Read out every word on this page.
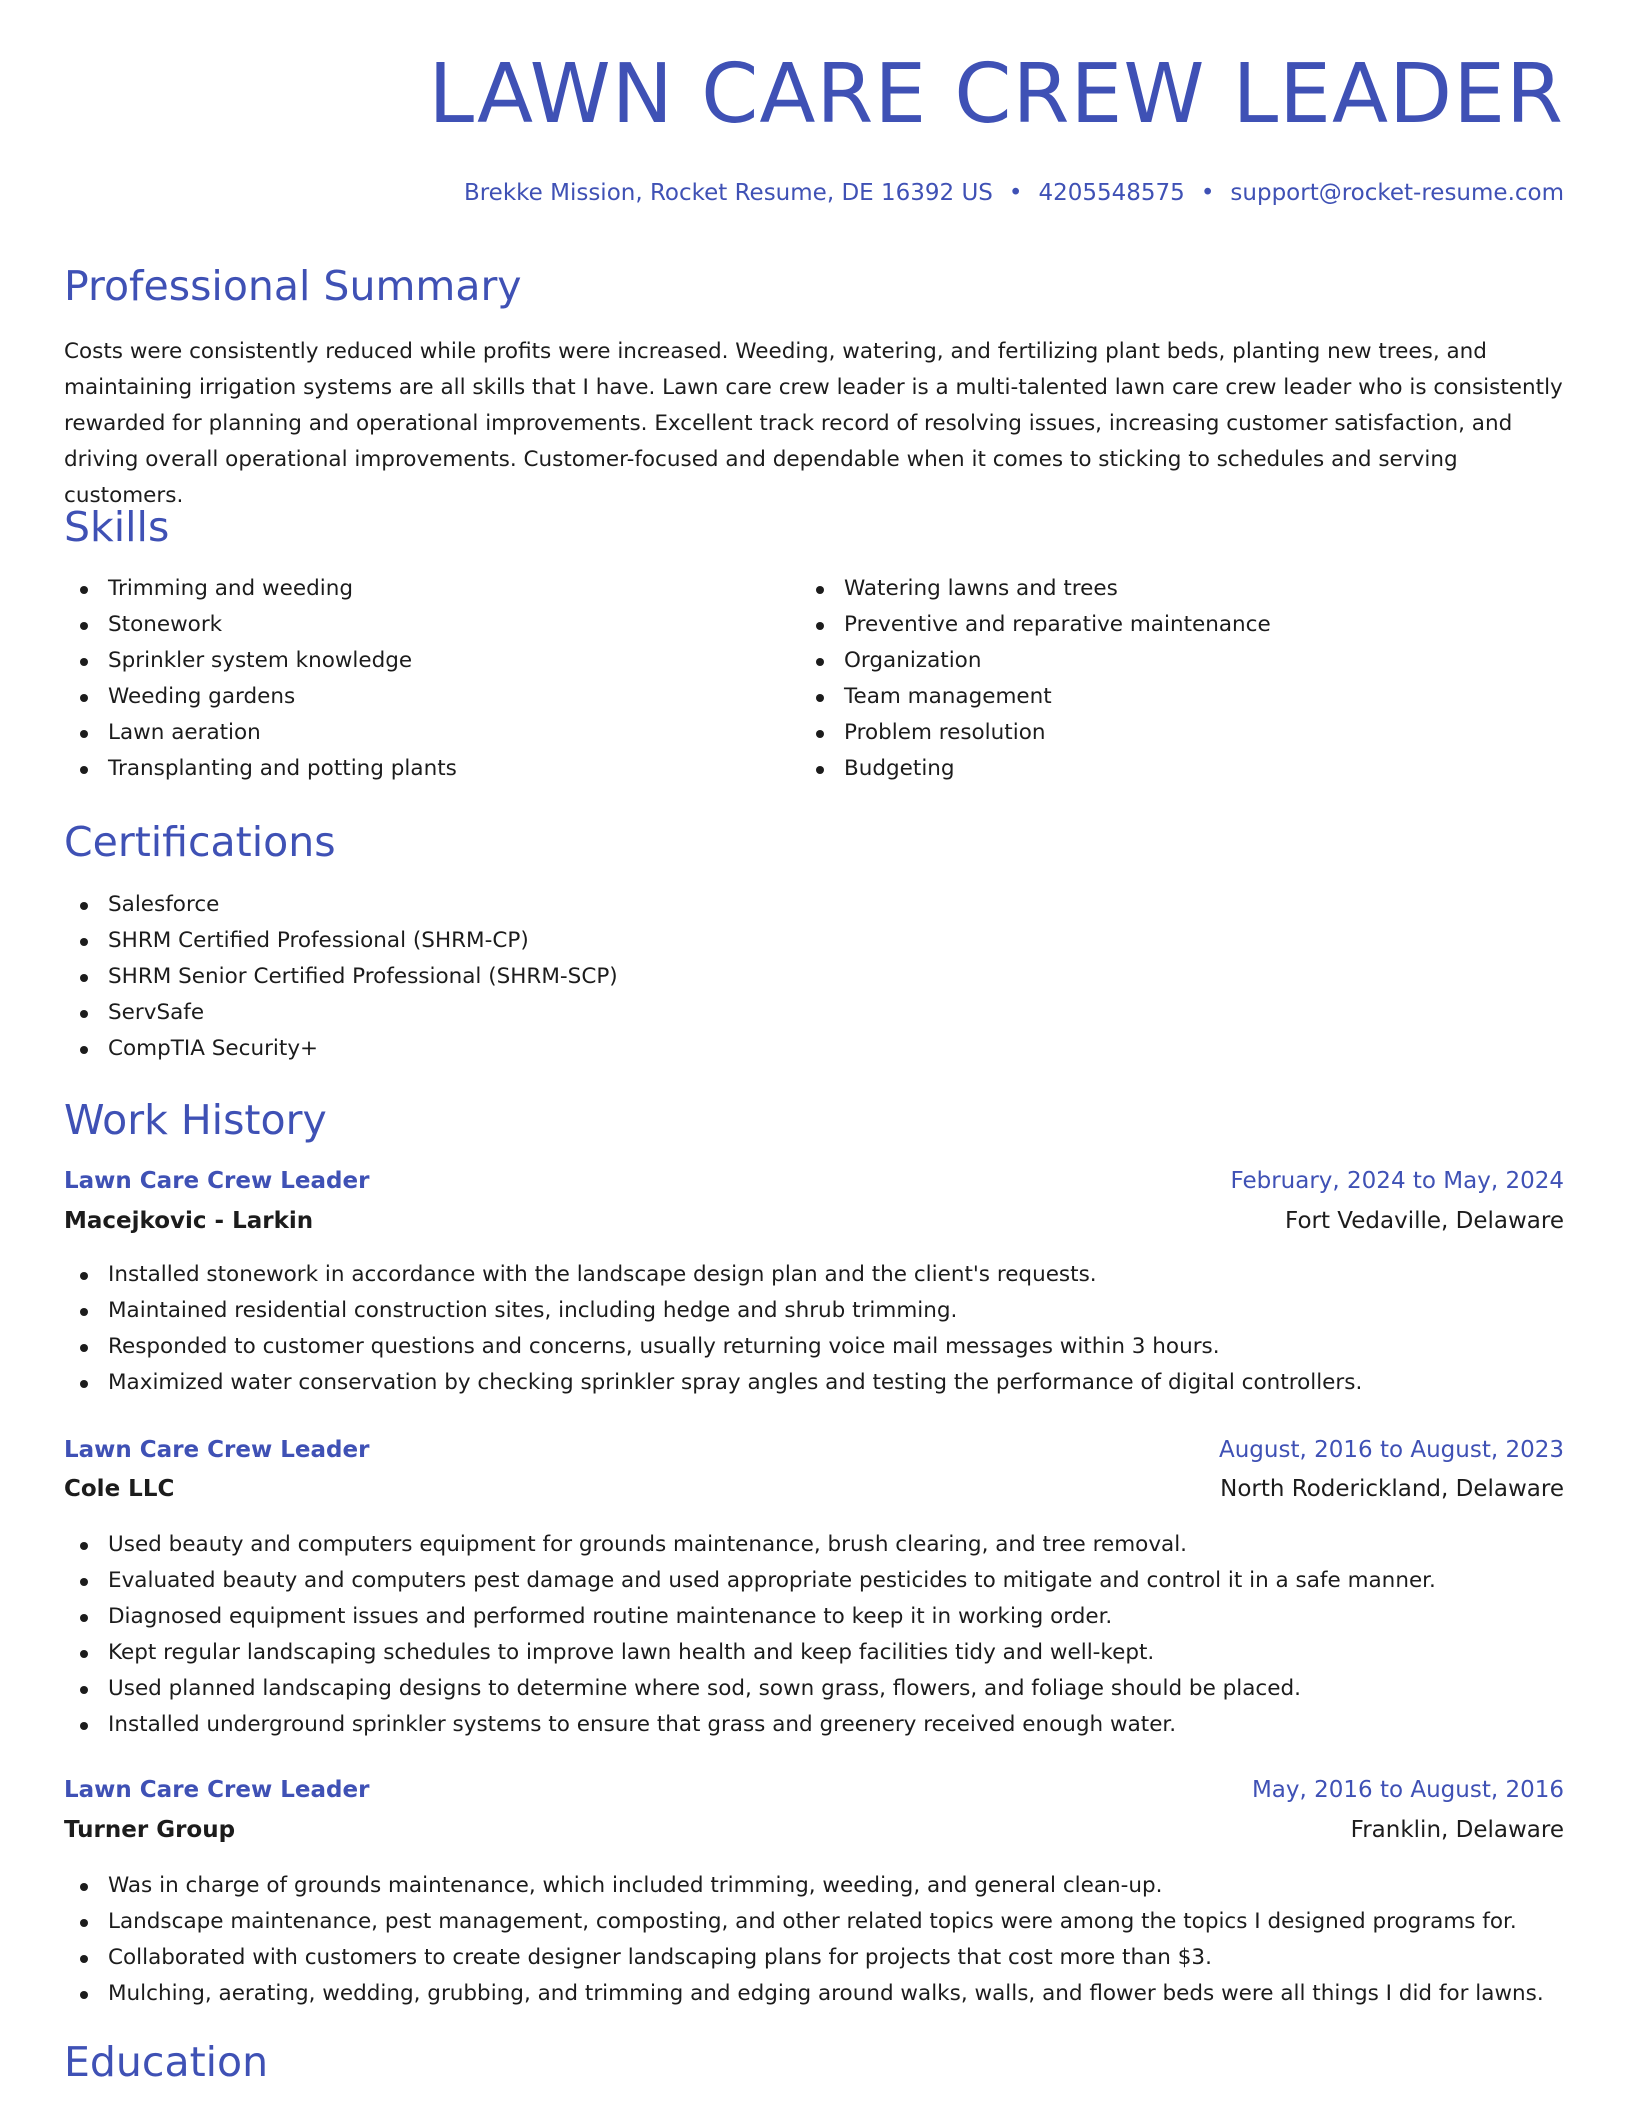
LAWN CARE CREW LEADER
Brekke Mission, Rocket Resume, DE 16392 US • 4205548575 • support@rocket-resume.com
Professional Summary

Costs were consistently reduced while profits were increased. Weeding, watering, and fertilizing plant beds, planting new trees, and maintaining irrigation systems are all skills that I have. Lawn care crew leader is a multi-talented lawn care crew leader who is consistently rewarded for planning and operational improvements. Excellent track record of resolving issues, increasing customer satisfaction, and driving overall operational improvements. Customer-focused and dependable when it comes to sticking to schedules and serving customers.

Skills
Trimming and weeding
Stonework
Sprinkler system knowledge
Weeding gardens
Lawn aeration
Transplanting and potting plants
Watering lawns and trees
Preventive and reparative maintenance
Organization
Team management
Problem resolution
Budgeting
Certifications
Salesforce
SHRM Certified Professional (SHRM-CP)
SHRM Senior Certified Professional (SHRM-SCP)
ServSafe
CompTIA Security+
Work History
Lawn Care Crew Leader	February, 2024 to May, 2024
Macejkovic - Larkin	Fort Vedaville, Delaware
Installed stonework in accordance with the landscape design plan and the client's requests.
Maintained residential construction sites, including hedge and shrub trimming.
Responded to customer questions and concerns, usually returning voice mail messages within 3 hours.
Maximized water conservation by checking sprinkler spray angles and testing the performance of digital controllers.
Lawn Care Crew Leader	August, 2016 to August, 2023
Cole LLC	North Roderickland, Delaware
Used beauty and computers equipment for grounds maintenance, brush clearing, and tree removal.
Evaluated beauty and computers pest damage and used appropriate pesticides to mitigate and control it in a safe manner.
Diagnosed equipment issues and performed routine maintenance to keep it in working order.
Kept regular landscaping schedules to improve lawn health and keep facilities tidy and well-kept.
Used planned landscaping designs to determine where sod, sown grass, flowers, and foliage should be placed.
Installed underground sprinkler systems to ensure that grass and greenery received enough water.
Lawn Care Crew Leader	May, 2016 to August, 2016
Turner Group	Franklin, Delaware
Was in charge of grounds maintenance, which included trimming, weeding, and general clean-up.
Landscape maintenance, pest management, composting, and other related topics were among the topics I designed programs for.
Collaborated with customers to create designer landscaping plans for projects that cost more than $3.
Mulching, aerating, wedding, grubbing, and trimming and edging around walks, walls, and flower beds were all things I did for lawns.
Education
